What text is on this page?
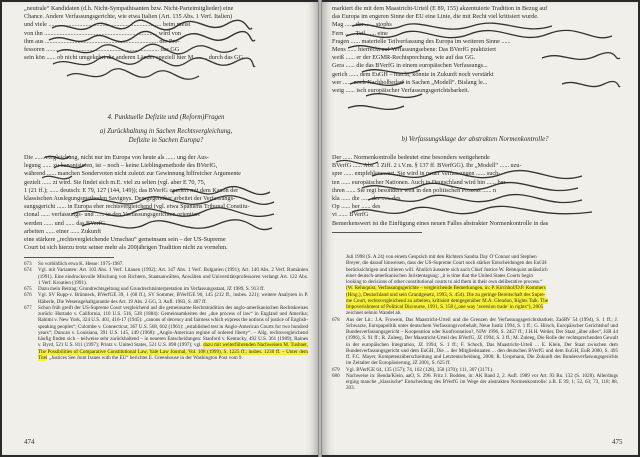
„neutrale“ Kandidaten (d.h. Nicht-Sympathisanten bzw. Nicht-Parteimitglieder) eine

Chance. Andere Verfassungsgerichte, wie etwa Italien (Art. 135 Abs. 1 Verf. Italien)

und viele ......................................................................... beim meist

von ihn ......................................................................... wird von

ihm aus ......................................................................... der Pro-

fessoren ......................................................................... das GG

sein kön ...... ob nicht umgekehrt die anderen Länder speziell hier M......... durch das GG

4. Punktuelle Defizite und (Reform)Fragen
a) Zurückhaltung in Sachen Rechtsvergleichung,
Defizite in Sachen Europa?

Die ...... vergleichung, nicht nur im Europa von heute als ...... ung der Aus-

legung ...... zu kanonisieren, ist – noch – keine Lieblingsmethode des BVerfG,

während ...... manchen Sondervoten nicht zuletzt zur Gewinnung hilfreicher Argumente

gezielt ...... zt wird. Sie findet sich m.E. viel zu selten (vgl. aber E 70, 75,

1 (21 ff.); ...... deutsch: E 79, 127 (144, 149)); das BVerfG operiert mit dem Kanon der

klassischen Auslegungsmethoden Savignys. Demgegenüber arbeitet der Verfassungs-

sungsgericht ...... in Europa eher rechtsvergleichend (vgl. etwa Spaniens Tribunal Constitu-

cional ...... verfassungs- und ...... in den Verfassungsgerichten orientiert

werden ...... und ...... das BVerfG

arbeiten ...... einer ...... Zukunft

eine stärkere „rechtsvergleichende Umschau“ gemeinsam sein – der US-Supreme

Court ist sich hierzu trotz seiner mehr als 200jährigen Tradition nicht zu vornehm.

673	So vorbildlich etwa K. Hesse: 1975-1987.
674	Vgl. mit Varianten: Art. 103 Abs. 1 Verf. Litauen (1992); Art. 147 Abs. 1 Verf. Bulgarien (1991); Art. 140 Abs. 2 Verf. Rumänien (1991). Eine eindrucksvolle Mischung von Richtern, Staatsanwälten, Anwälten und Universitätsprofessoren verlangt Art. 122 Abs. 1 Verf. Kroatien (1991).
675	Dazu mein Beitrag: Grundrechtsgeltung und Grundrechtsinterpretation im Verfassungsstaat, JZ 1989, S. 913 ff.
676	Vgl. SV Rupp-v. Brünneck, BVerfGE 39, 1 (68 ff.), SV Sommer, BVerfGE 90, 145 (212 ff., insbes. 221); weitere Analysen in P. Häberle, Die Wesensgehaltgarantie des Art. 19 Abs. 2 GG, 3. Aufl. 1983, S. 407 ff.
677	Schon früh greift der US-Supreme Court vergleichend auf die gemeinsame Rechtstradition des anglo-amerikanischen Rechtskreises zurück: Hurtado v. California, 110 U.S. 516, 528 (1884): Gemeinsamkeiten des „due process of law“ in England und Amerika; Rahimi v. New York, 324 U.S. 401, 416-17 (1945): „canons of decency and fairness which express the notions of justice of English-speaking peoples“; Culombe v. Connecticut, 367 U.S. 568, 602 (1961): „established test in Anglo-American Courts for two hundred years“; Duncan v. Louisiana, 391 U.S. 145, 149 (1968): „Anglo-American regime of ordered liberty“. – Allg. rechtsvergleichend häufig finden sich – teilweise sehr zurückhaltend – in neueren Entscheidungen: Stanford v. Kentucky, 492 U.S. 361 (1989); Raines v. Byrd, 521 U.S. 811 (1997); Printz v. United States, 521 U.S. 898 (1997); vgl. dazu mit weiterführenden Nachweisen M. Tushnet, The Possibilities of Comparative Constitutional Law, Yale Law Journal, Vol. 108 (1999), S. 1225 ff.; insbes. 1230 ff. – Unter dem Titel „Justices See Joint Issues with the EU“ berichtet E. Greenhouse in der Washington Post vom 9.
474

markiert die mit dem Maastricht-Urteil (E 89, 155) akzentuierte Tradition in Bezug auf

das Europa im engeren Sinne der EU eine Linie, die mit Recht viel kritisiert wurde.

Mag ...... der ...... stophs

Fern ...... Teil ...... eine

Fragen ...... materielle Teilverfassung des Europa im weiteren Sinne ......

Mens ...... hierrecht auf Verfassungsebene: Das BVerfG praktiziert

weiß ...... er der EGMR-Rechtsprechung, wie auf das GG.

Gera ...... die das BVerfG in einem europäischen Verfassungs...

gerich ...... dem EuGH – macht, könnte in Zukunft noch verstärkt

wer ...... noch Nachholbedarf in Sachen „Modell“. Bislang le...

weig ...... isch europäischer Verfassungsgerichtsbarkeit.

b) Verfassungsklage der abstrakten Normenkontrolle?

Der ...... Normenkontrolle bedeutet eine besonders weitgehende

BVerfG ...... Abs. 1 Ziff. 2 i.V.m. § 137 ff. BVerfGG). Ihr „Modell“ ...... uzu-

spre ...... empfehlenswert. Sie wird in neuer Verfassungen ...... such-

ten ...... europäischer Nationen. Auch in Deutschland wird hin ...... ber

ihren ...... Sie regt besonders weit in den politischen Prozess ...... n

kla ...... die ...... der ...... des

Op ...... ber ...... des

vi ...... BVerfG

Bemerkenswert ist die Einfügung eines neuen Falles abstrakter Normenkontrolle in das

Juli 1998 (S. A 24) von einem Gespräch mit den Richtern Sandra Day O’Connor und Stephen
Breyer, die darauf hinweisen, dass der US-Supreme Court noch stärker Entscheidungen des EuGH
berücksichtigen und zitieren will. Ähnlich äusserte sich auch Chief Justice W. Rehnquist anlässlich
einer deutsch-amerikanischen Juristentagung: „it is time that the United States Courts begin
looking to decisions of other constitutional courts to aid them in their own deliberative process.“
(W. Rehnquist, Verfassungsgerichte – vergleichende Bemerkungen, in: P. Kirchhof/D.P. Kommers
(Hrsg.), Deutschland und sein Grundgesetz, 1993, S. 454). Die zu geringe Bereitschaft des Supre-
me Court, rechtsvergleichend zu arbeiten, kritisiert demgegenüber M.A. Glendon, Rights Talk. The
Impoverishment of Political Discourse, 1991, S. 158 („one way ‘aversion trade’ in rights“), 2005
zeichnet sehnin Wandel ab.
678	Aus der Lit.: J.A. Frowein, Das Maastricht-Urteil und die Grenzen der Verfassungsgerichtsbarkeit, ZaöRV 54 (1994), S. 1 ff.; J. Schwarze, Europapolitik unter deutschem Verfassungsvorbehalt, Neue Justiz 1994, S. 1 ff.; G. Hirsch, Europäischer Gerichtshof und Bundesverfassungsgericht – Kooperation oder Konfrontation?, NJW 1996, S. 2457 ff.; J.H.H. Weiler, Der Staat „über alles“, JöR 44 (1996), S. 91 ff.; R. Zuleeg, Der Maastricht-Urteil des BVerfG, JZ 1994, S. 3 ff.; M. Zuleeg, Die Rolle der rechtsprechenden Gewalt in der europäischen Integration, JZ 1994, S. 1 ff.; F. Schoch, Das Maastricht-Urteil ... E. Klein, Der Staat zwischen dem Bundesverfassungsgericht und dem EuGH, Die ... der Mitgliedstaaten ... den deutschen BVerfG und dem EuGH, EuR 2000, S. 495 ff. F.C. Mayer, Kompetenzüberschreitung und Letztentscheidung, 2000; R. Uerpmann, Die Zukunft des Bundesverfassungsgerichts im Zeitalter der Europäisierung, JZ 2001, S. 625 ff.
679	Vgl. BVerfGE 64, 135 (157); 74, 102 (128), 358 (370); 111, 307 (317f.).
680	Nachweise in: Benda/Klein, aaO, S. 296. Fritz J. Bodden, in: AK Band 2, 2. Aufl. 1989 vor Art. 93 Rn. 132 (S. 1028). Allerdings erging manche „klassische“ Entscheidung des BVerfG im Wege der abstrakten Normenkontrolle: z.B. E 39, 1; 52, 63; 73, 118; 88, 203.
475
